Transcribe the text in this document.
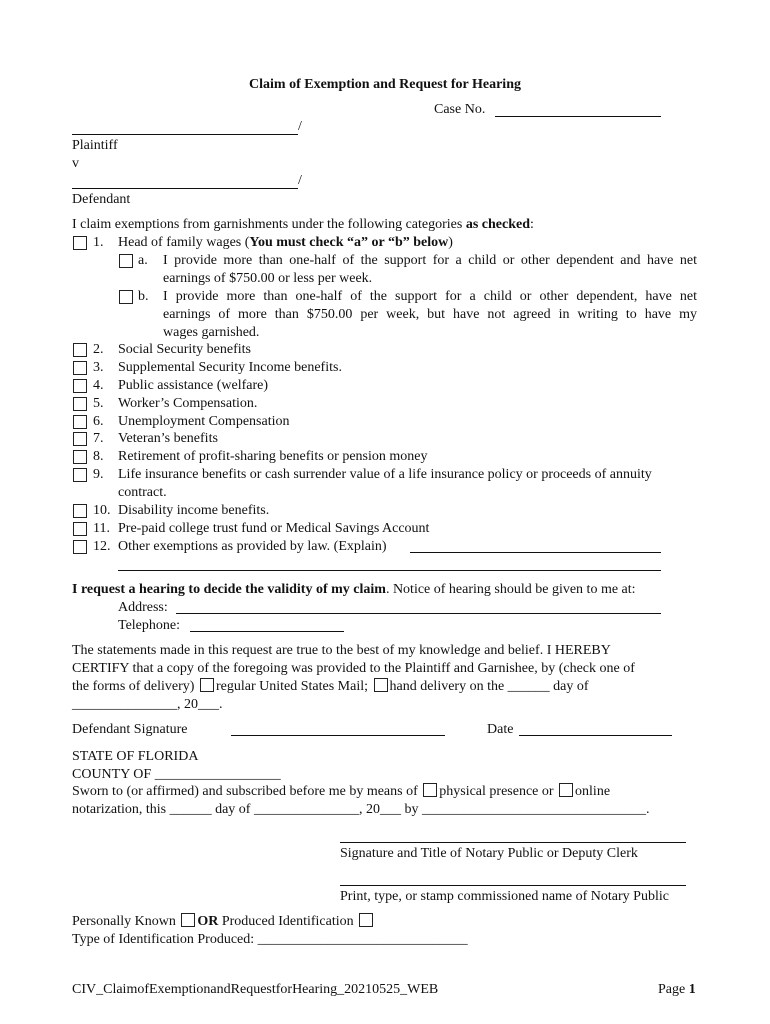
Claim of Exemption and Request for Hearing
Case No.
/
Plaintiff
v
/
Defendant
I claim exemptions from garnishments under the following categories as checked:
1. Head of family wages (You must check “a” or “b” below)
a. I provide more than one-half of the support for a child or other dependent and have net
earnings of $750.00 or less per week.
b. I provide more than one-half of the support for a child or other dependent, have net
earnings of more than $750.00 per week, but have not agreed in writing to have my
wages garnished.
2. Social Security benefits
3. Supplemental Security Income benefits.
4. Public assistance (welfare)
5. Worker’s Compensation.
6. Unemployment Compensation
7. Veteran’s benefits
8. Retirement of profit-sharing benefits or pension money
9. Life insurance benefits or cash surrender value of a life insurance policy or proceeds of annuity
contract.
10. Disability income benefits.
11. Pre-paid college trust fund or Medical Savings Account
12. Other exemptions as provided by law. (Explain)
I request a hearing to decide the validity of my claim. Notice of hearing should be given to me at:
Address:
Telephone:
The statements made in this request are true to the best of my knowledge and belief. I HEREBY
CERTIFY that a copy of the foregoing was provided to the Plaintiff and Garnishee, by (check one of
the forms of delivery) regular United States Mail; hand delivery on the ______ day of
_______________, 20___.
Defendant Signature	Date
STATE OF FLORIDA
COUNTY OF __________________
Sworn to (or affirmed) and subscribed before me by means of physical presence or online
notarization, this ______ day of _______________, 20___ by ________________________________.
Signature and Title of Notary Public or Deputy Clerk
Print, type, or stamp commissioned name of Notary Public
Personally Known OR Produced Identification
Type of Identification Produced: ______________________________
CIV_ClaimofExemptionandRequestforHearing_20210525_WEB	Page 1
